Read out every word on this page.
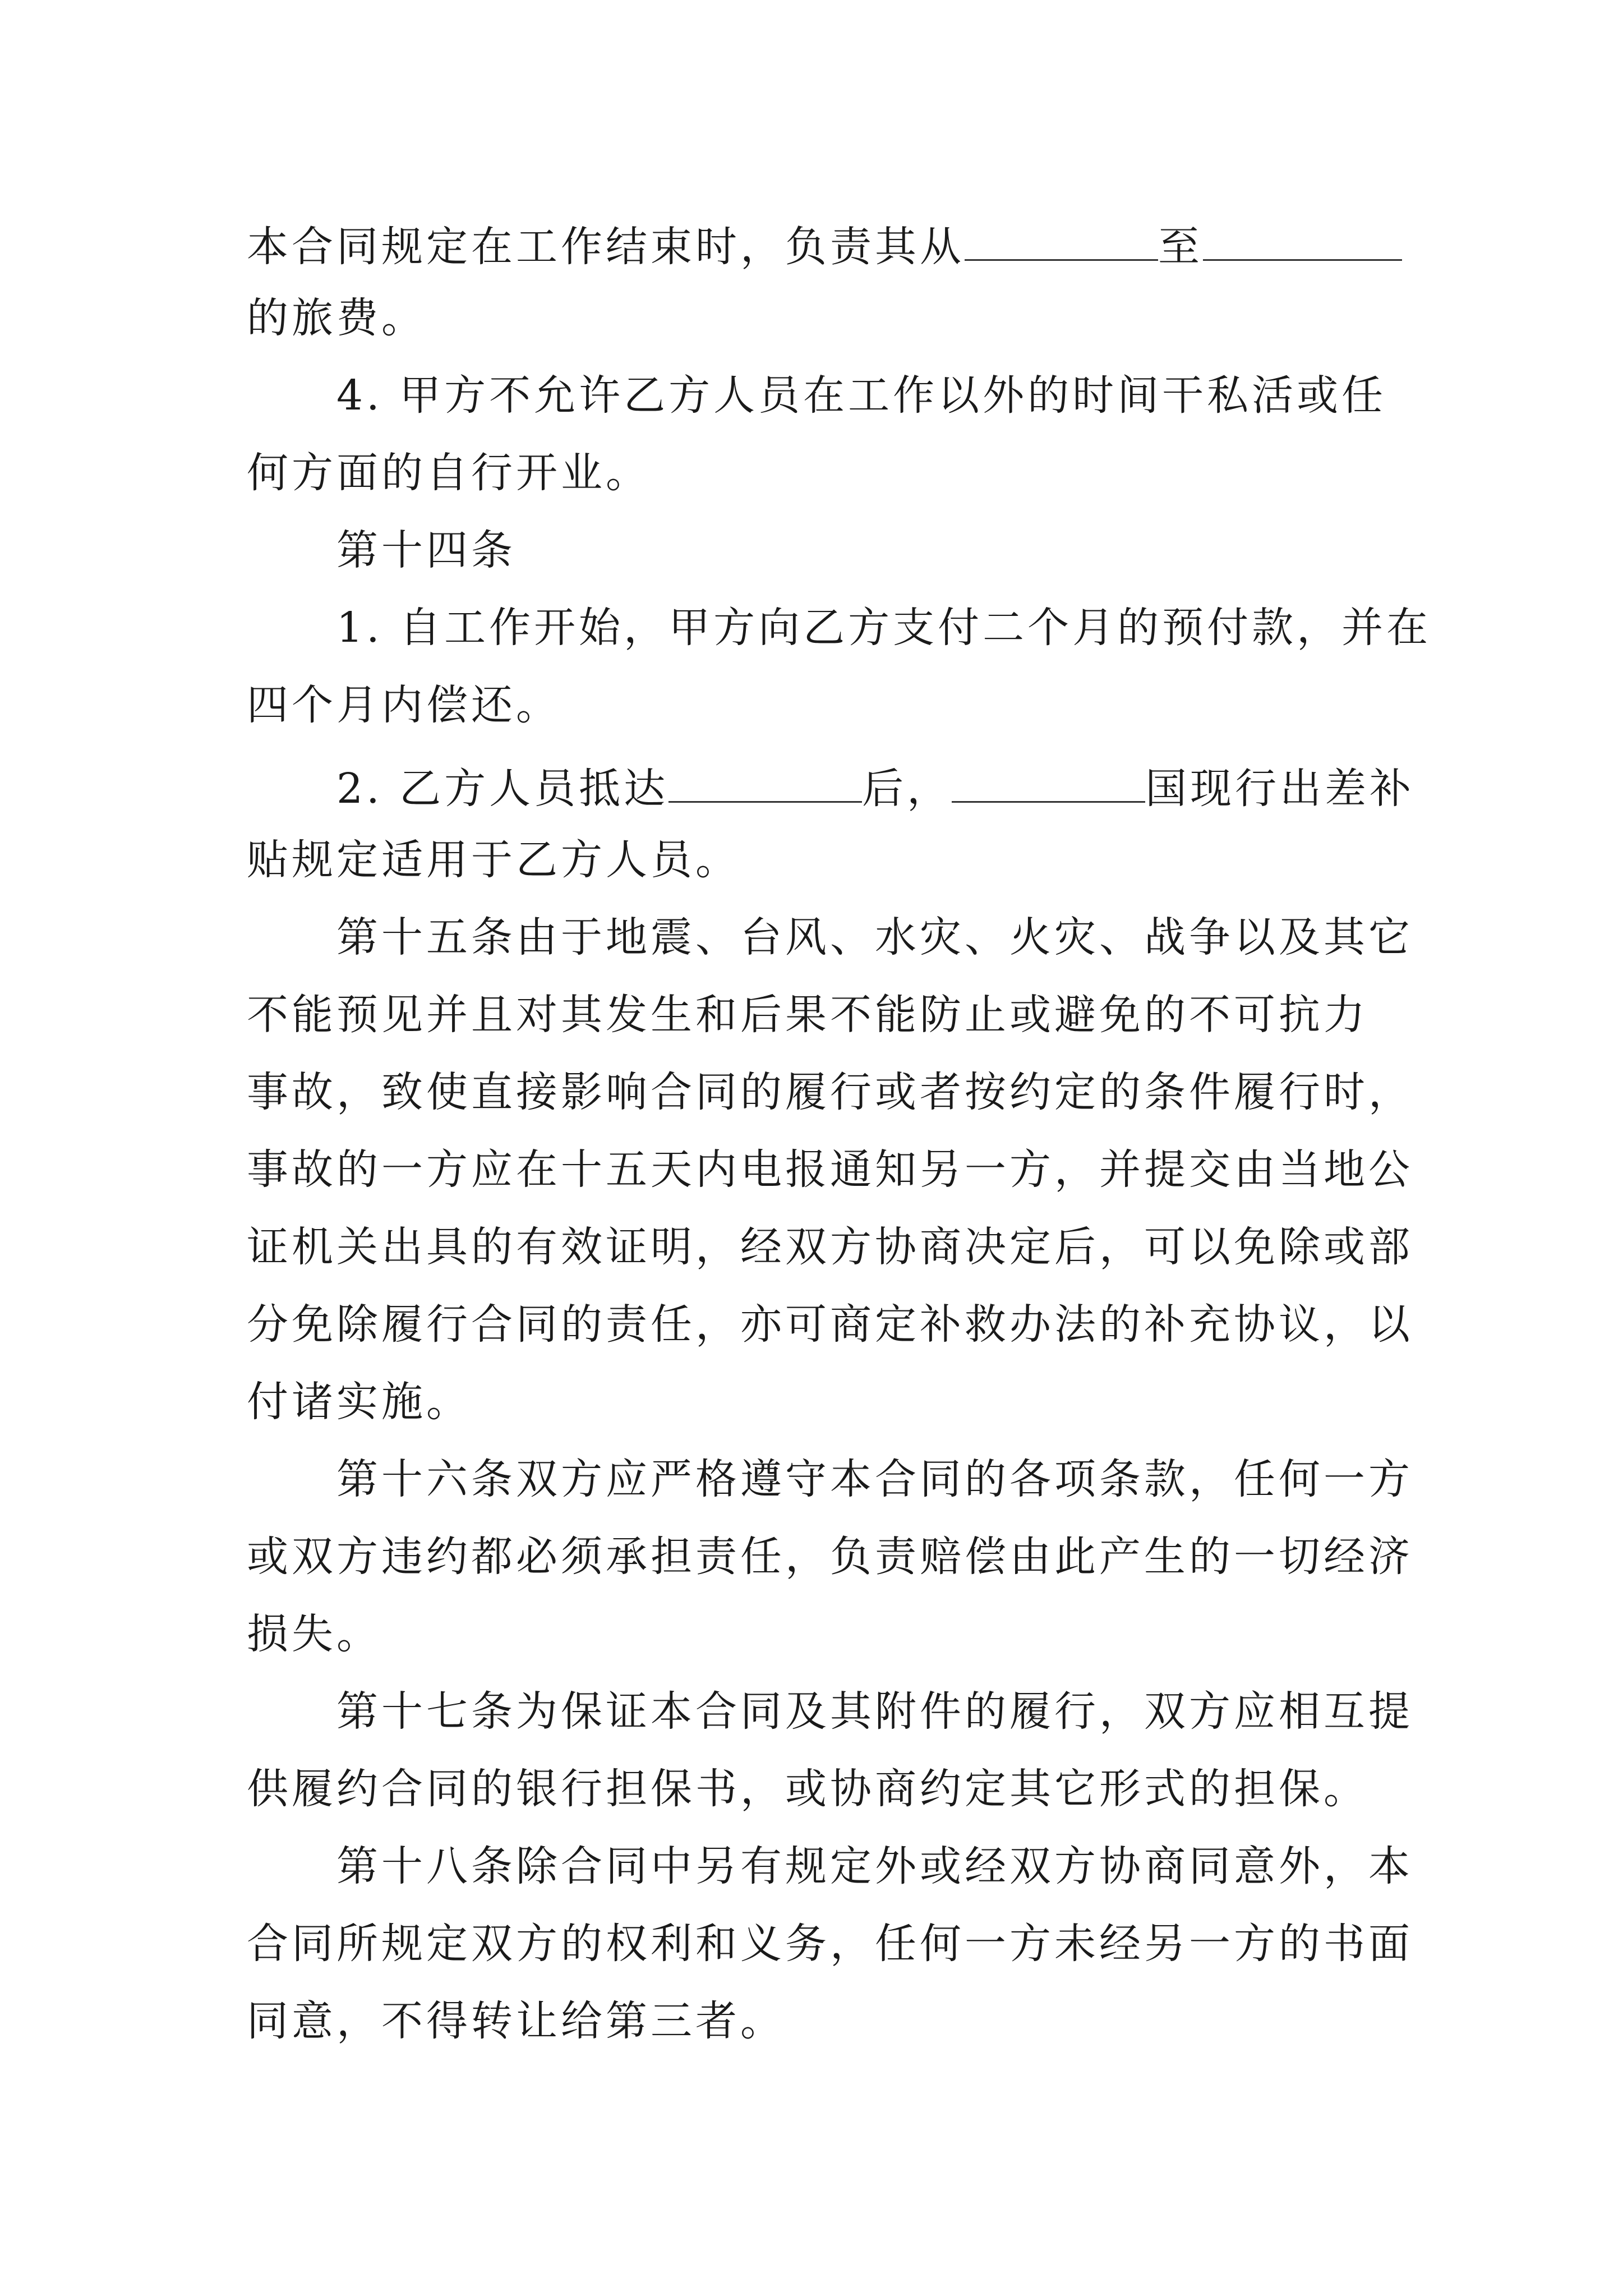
本合同规定在工作结束时，负责其从	至
的旅费。
4. 甲方不允许乙方人员在工作以外的时间干私活或任
何方面的自行开业。
第十四条
1. 自工作开始，甲方向乙方支付二个月的预付款，并在
四个月内偿还。
2. 乙方人员抵达	后，	国现行出差补
贴规定适用于乙方人员。
第十五条由于地震、台风、水灾、火灾、战争以及其它
不能预见并且对其发生和后果不能防止或避免的不可抗力
事故，致使直接影响合同的履行或者按约定的条件履行时，
事故的一方应在十五天内电报通知另一方，并提交由当地公
证机关出具的有效证明，经双方协商决定后，可以免除或部
分免除履行合同的责任，亦可商定补救办法的补充协议，以
付诸实施。
第十六条双方应严格遵守本合同的各项条款，任何一方
或双方违约都必须承担责任，负责赔偿由此产生的一切经济
损失。
第十七条为保证本合同及其附件的履行，双方应相互提
供履约合同的银行担保书，或协商约定其它形式的担保。
第十八条除合同中另有规定外或经双方协商同意外，本
合同所规定双方的权利和义务，任何一方未经另一方的书面
同意，不得转让给第三者。
